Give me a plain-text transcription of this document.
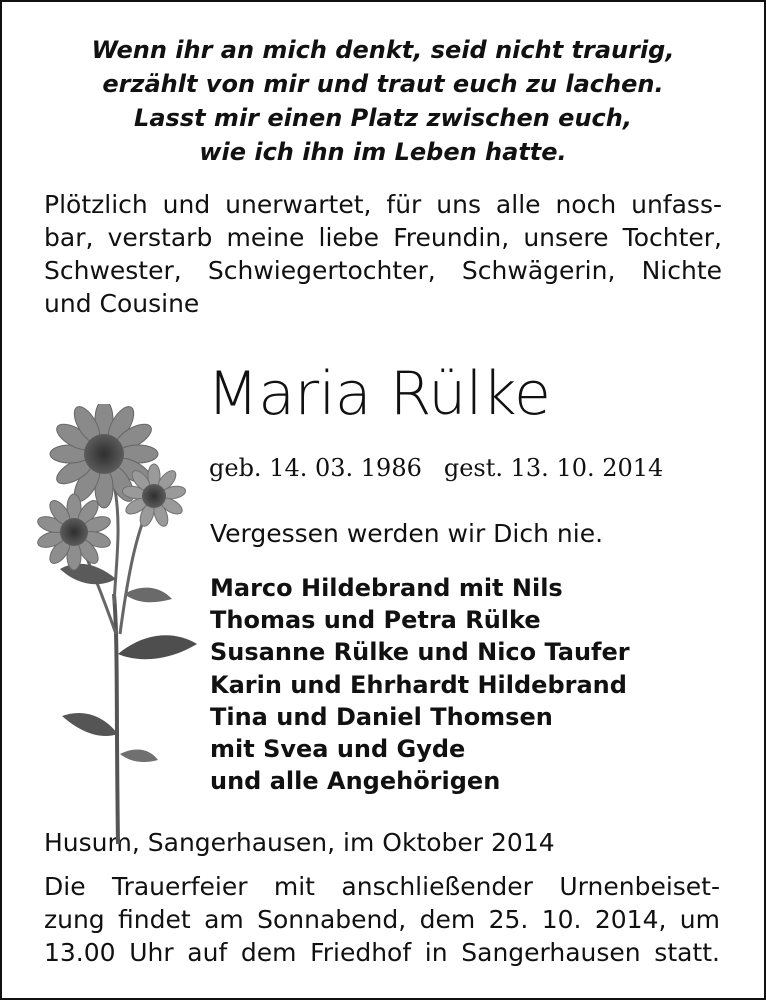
Wenn ihr an mich denkt, seid nicht traurig,
erzählt von mir und traut euch zu lachen.
Lasst mir einen Platz zwischen euch,
wie ich ihn im Leben hatte.
Plötzlich und unerwartet, für uns alle noch unfass-
bar, verstarb meine liebe Freundin, unsere Tochter,
Schwester, Schwiegertochter, Schwägerin, Nichte
und Cousine
Maria Rülke
geb. 14. 03. 1986 gest. 13. 10. 2014
Vergessen werden wir Dich nie.
Marco Hildebrand mit Nils
Thomas und Petra Rülke
Susanne Rülke und Nico Taufer
Karin und Ehrhardt Hildebrand
Tina und Daniel Thomsen
mit Svea und Gyde
und alle Angehörigen
Husum, Sangerhausen, im Oktober 2014
Die Trauerfeier mit anschließender Urnenbeiset-
zung findet am Sonnabend, dem 25. 10. 2014, um
13.00 Uhr auf dem Friedhof in Sangerhausen statt.
